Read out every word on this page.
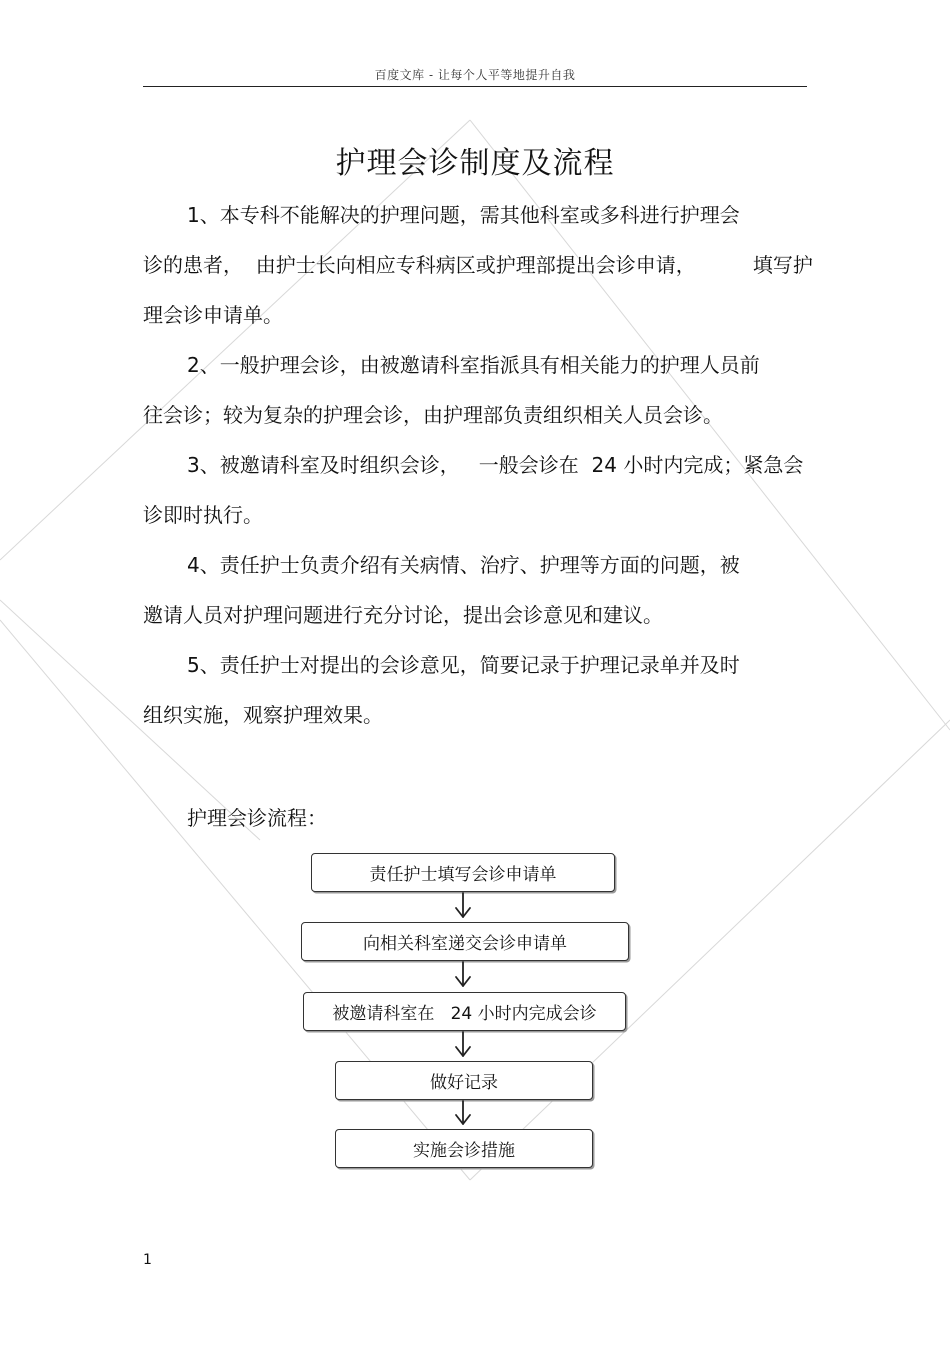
百度文库 - 让每个人平等地提升自我
护理会诊制度及流程
1、本专科不能解决的护理问题，需其他科室或多科进行护理会
诊的患者，  由护士长向相应专科病区或护理部提出会诊申请，         填写护
理会诊申请单。
2、一般护理会诊，由被邀请科室指派具有相关能力的护理人员前
往会诊；较为复杂的护理会诊，由护理部负责组织相关人员会诊。
3、被邀请科室及时组织会诊，   一般会诊在  24 小时内完成；紧急会
诊即时执行。
4、责任护士负责介绍有关病情、治疗、护理等方面的问题，被
邀请人员对护理问题进行充分讨论，提出会诊意见和建议。
5、责任护士对提出的会诊意见，简要记录于护理记录单并及时
组织实施，观察护理效果。
护理会诊流程：
责任护士填写会诊申请单
向相关科室递交会诊申请单
被邀请科室在   24 小时内完成会诊
做好记录
实施会诊措施
1
